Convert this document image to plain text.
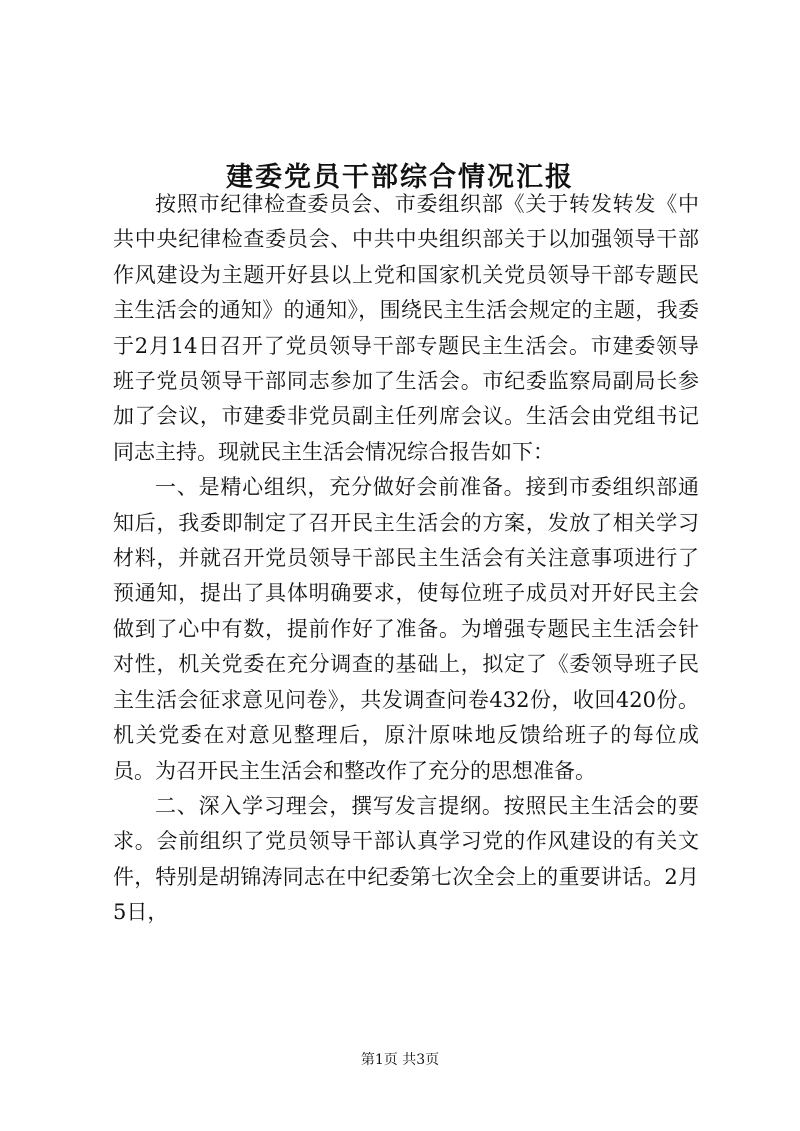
建委党员干部综合情况汇报

按照市纪律检查委员会、市委组织部《关于转发转发《中共中央纪律检查委员会、中共中央组织部关于以加强领导干部作风建设为主题开好县以上党和国家机关党员领导干部专题民主生活会的通知》的通知》，围绕民主生活会规定的主题，我委于2月14日召开了党员领导干部专题民主生活会。市建委领导班子党员领导干部同志参加了生活会。市纪委监察局副局长参加了会议，市建委非党员副主任列席会议。生活会由党组书记同志主持。现就民主生活会情况综合报告如下：

一、是精心组织，充分做好会前准备。接到市委组织部通知后，我委即制定了召开民主生活会的方案，发放了相关学习材料，并就召开党员领导干部民主生活会有关注意事项进行了预通知，提出了具体明确要求，使每位班子成员对开好民主会做到了心中有数，提前作好了准备。为增强专题民主生活会针对性，机关党委在充分调查的基础上，拟定了《委领导班子民主生活会征求意见问卷》，共发调查问卷432份，收回420份。机关党委在对意见整理后，原汁原味地反馈给班子的每位成员。为召开民主生活会和整改作了充分的思想准备。

二、深入学习理会，撰写发言提纲。按照民主生活会的要求。会前组织了党员领导干部认真学习党的作风建设的有关文件，特别是胡锦涛同志在中纪委第七次全会上的重要讲话。2月5日，

第1页 共3页
